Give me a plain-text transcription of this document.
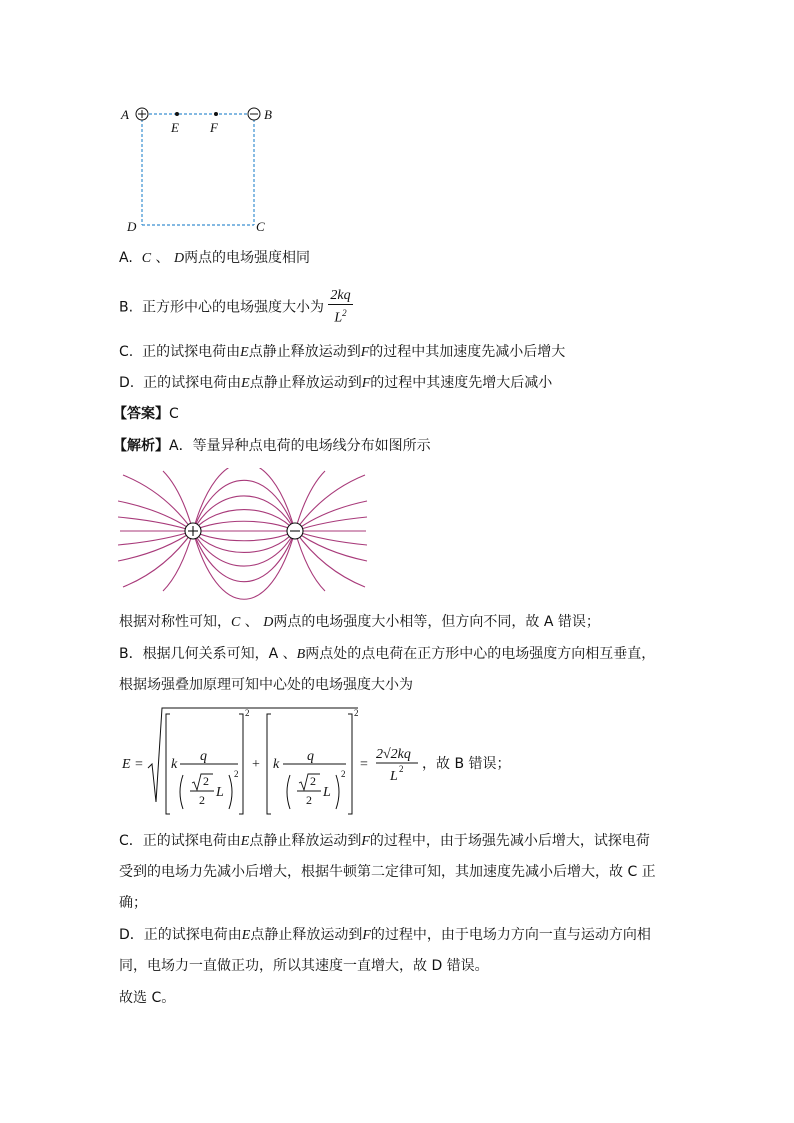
A	B
E F
D	C
A. C 、 D两点的电场强度相同
B. 正方形中心的电场强度大小为 $\frac{2kq}{L^2}$
C. 正的试探电荷由E点静止释放运动到F的过程中其加速度先减小后增大
D. 正的试探电荷由E点静止释放运动到F的过程中其速度先增大后减小
【答案】C
【解析】A．等量异种点电荷的电场线分布如图所示
根据对称性可知，C 、 D两点的电场强度大小相等，但方向不同，故 A 错误；
B．根据几何关系可知，A 、B两点处的点电荷在正方形中心的电场强度方向相互垂直，
根据场强叠加原理可知中心处的电场强度大小为
E =
2
k
q
2
2 L
2
+
2
k
q
2
2 L
2
=
2√2kq
L 2 ，故 B 错误；
C．正的试探电荷由E点静止释放运动到F的过程中，由于场强先减小后增大，试探电荷
受到的电场力先减小后增大，根据牛顿第二定律可知，其加速度先减小后增大，故 C 正
确；
D．正的试探电荷由E点静止释放运动到F的过程中，由于电场力方向一直与运动方向相
同，电场力一直做正功，所以其速度一直增大，故 D 错误。
故选 C。
